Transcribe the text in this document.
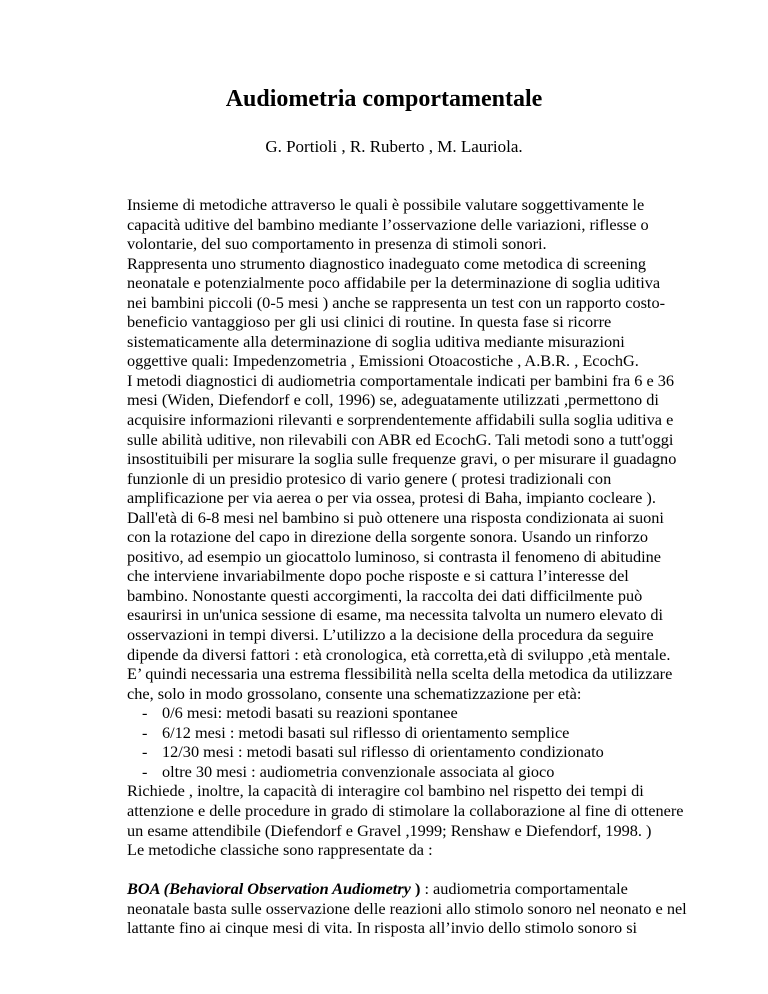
Audiometria comportamentale

G. Portioli , R. Ruberto , M. Lauriola.

Insieme di metodiche attraverso le quali è possibile valutare soggettivamente le

capacità uditive del bambino mediante l’osservazione delle variazioni, riflesse o

volontarie, del suo comportamento in presenza di stimoli sonori.

Rappresenta uno strumento diagnostico inadeguato come metodica di screening

neonatale e potenzialmente poco affidabile per la determinazione di soglia uditiva

nei bambini piccoli (0-5 mesi ) anche se rappresenta un test con un rapporto costo-

beneficio vantaggioso per gli usi clinici di routine. In questa fase si ricorre

sistematicamente alla determinazione di soglia uditiva mediante misurazioni

oggettive quali: Impedenzometria , Emissioni Otoacostiche , A.B.R. , EcochG.

I metodi diagnostici di audiometria comportamentale indicati per bambini fra 6 e 36

mesi (Widen, Diefendorf e coll, 1996) se, adeguatamente utilizzati ,permettono di

acquisire informazioni rilevanti e sorprendentemente affidabili sulla soglia uditiva e

sulle abilità uditive, non rilevabili con ABR ed EcochG. Tali metodi sono a tutt'oggi

insostituibili per misurare la soglia sulle frequenze gravi, o per misurare il guadagno

funzionle di un presidio protesico di vario genere ( protesi tradizionali con

amplificazione per via aerea o per via ossea, protesi di Baha, impianto cocleare ).

Dall'età di 6-8 mesi nel bambino si può ottenere una risposta condizionata ai suoni

con la rotazione del capo in direzione della sorgente sonora. Usando un rinforzo

positivo, ad esempio un giocattolo luminoso, si contrasta il fenomeno di abitudine

che interviene invariabilmente dopo poche risposte e si cattura l’interesse del

bambino. Nonostante questi accorgimenti, la raccolta dei dati difficilmente può

esaurirsi in un'unica sessione di esame, ma necessita talvolta un numero elevato di

osservazioni in tempi diversi. L’utilizzo a la decisione della procedura da seguire

dipende da diversi fattori : età cronologica, età corretta,età di sviluppo ,età mentale.

E’ quindi necessaria una estrema flessibilità nella scelta della metodica da utilizzare

che, solo in modo grossolano, consente una schematizzazione per età:

- 0/6 mesi: metodi basati su reazioni spontanee

- 6/12 mesi : metodi basati sul riflesso di orientamento semplice

- 12/30 mesi : metodi basati sul riflesso di orientamento condizionato

- oltre 30 mesi : audiometria convenzionale associata al gioco

Richiede , inoltre, la capacità di interagire col bambino nel rispetto dei tempi di

attenzione e delle procedure in grado di stimolare la collaborazione al fine di ottenere

un esame attendibile (Diefendorf e Gravel ,1999; Renshaw e Diefendorf, 1998. )

Le metodiche classiche sono rappresentate da :

BOA (Behavioral Observation Audiometry ) : audiometria comportamentale

neonatale basta sulle osservazione delle reazioni allo stimolo sonoro nel neonato e nel

lattante fino ai cinque mesi di vita. In risposta all’invio dello stimolo sonoro si
